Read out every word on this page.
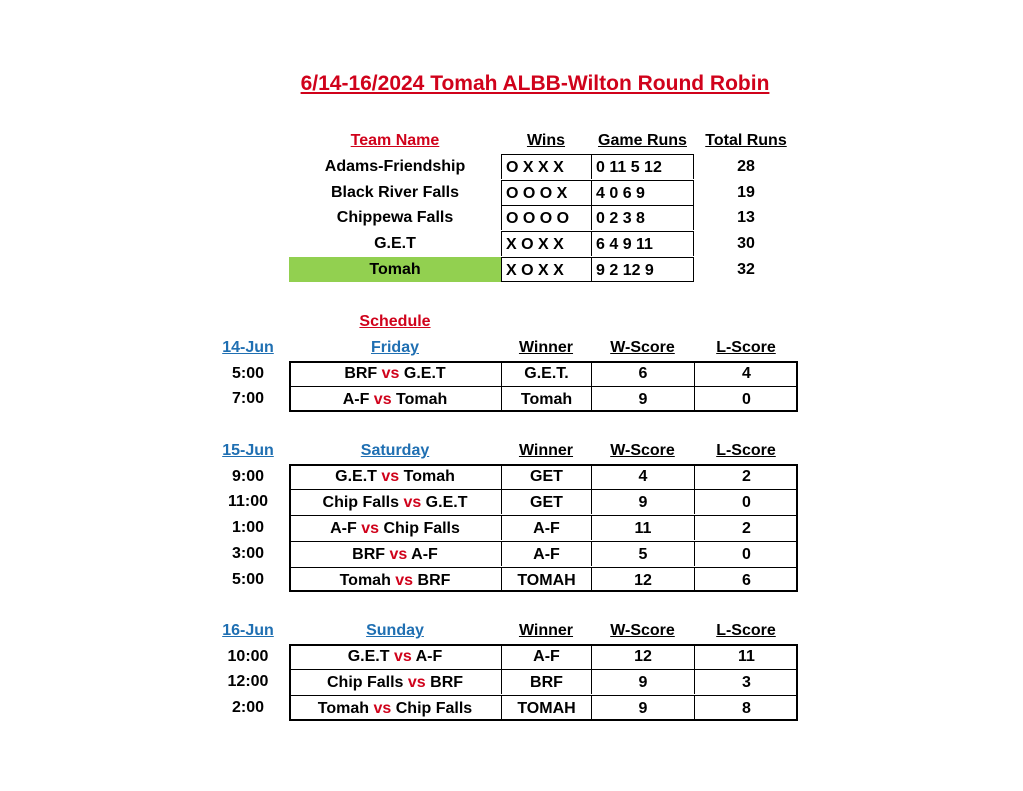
6/14-16/2024 Tomah ALBB-Wilton Round Robin
Team Name	Wins	Game Runs	Total Runs
Adams-Friendship	O X X X	0 11 5 12	28
Black River Falls	O O O X	4 0 6 9	19
Chippewa Falls	O O O O	0 2 3 8	13
G.E.T	X O X X	6 4 9 11	30
Tomah	X O X X	9 2 12 9	32
Schedule
14-Jun	Friday	Winner	W-Score	L-Score
5:00	BRF vs G.E.T	G.E.T.	6	4
7:00	A-F vs Tomah	Tomah	9	0
15-Jun	Saturday	Winner	W-Score	L-Score
9:00	G.E.T vs Tomah	GET	4	2
11:00	Chip Falls vs G.E.T	GET	9	0
1:00	A-F vs Chip Falls	A-F	11	2
3:00	BRF vs A-F	A-F	5	0
5:00	Tomah vs BRF	TOMAH	12	6
16-Jun	Sunday	Winner	W-Score	L-Score
10:00	G.E.T vs A-F	A-F	12	11
12:00	Chip Falls vs BRF	BRF	9	3
2:00	Tomah vs Chip Falls	TOMAH	9	8
